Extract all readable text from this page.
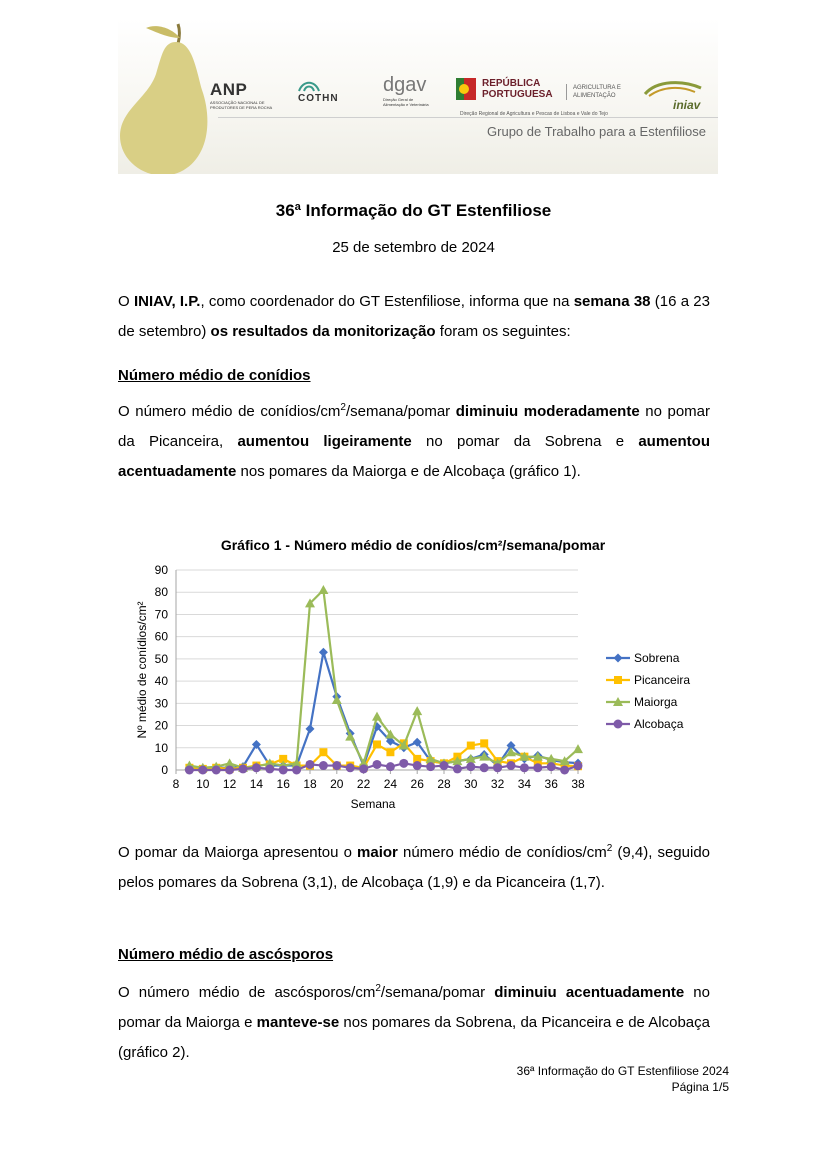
ANP
ASSOCIAÇÃO NACIONAL DE PRODUTORES DE PERA ROCHA
COTHN
dgav
Direção Geral de Alimentação e Veterinária
REPÚBLICA PORTUGUESA
AGRICULTURA E ALIMENTAÇÃO
Direção Regional de Agricultura e Pescas de Lisboa e Vale do Tejo
iniav
Grupo de Trabalho para a Estenfiliose
36ª Informação do GT Estenfiliose
25 de setembro de 2024
O INIAV, I.P., como coordenador do GT Estenfiliose, informa que na semana 38 (16 a 23 de setembro) os resultados da monitorização foram os seguintes:
Número médio de conídios
O número médio de conídios/$cm^2/semana$/pomar diminuiu moderadamente no pomar da Picanceira, aumentou ligeiramente no pomar da Sobrena e aumentou acentuadamente nos pomares da Maiorga e de Alcobaça (gráfico 1).
Gráfico 1 - Número médio de conídios/cm²/semana/pomar
0
10
20
30
40
50
60
70
80
90
8 10 12 14 16 18 20 22 24 26 28 30 32 34 36 38
Sobrena
Picanceira
Maiorga
Alcobaça
Semana
Nº médio de conídios/cm²
O pomar da Maiorga apresentou o maior número médio de conídios/$cm^2$ (9,4), seguido pelos pomares da Sobrena (3,1), de Alcobaça (1,9) e da Picanceira (1,7).
Número médio de ascósporos
O número médio de ascósporos/$cm^2/semana$/pomar diminuiu acentuadamente no pomar da Maiorga e manteve-se nos pomares da Sobrena, da Picanceira e de Alcobaça (gráfico 2).
36ª Informação do GT Estenfiliose 2024
Página 1/5
